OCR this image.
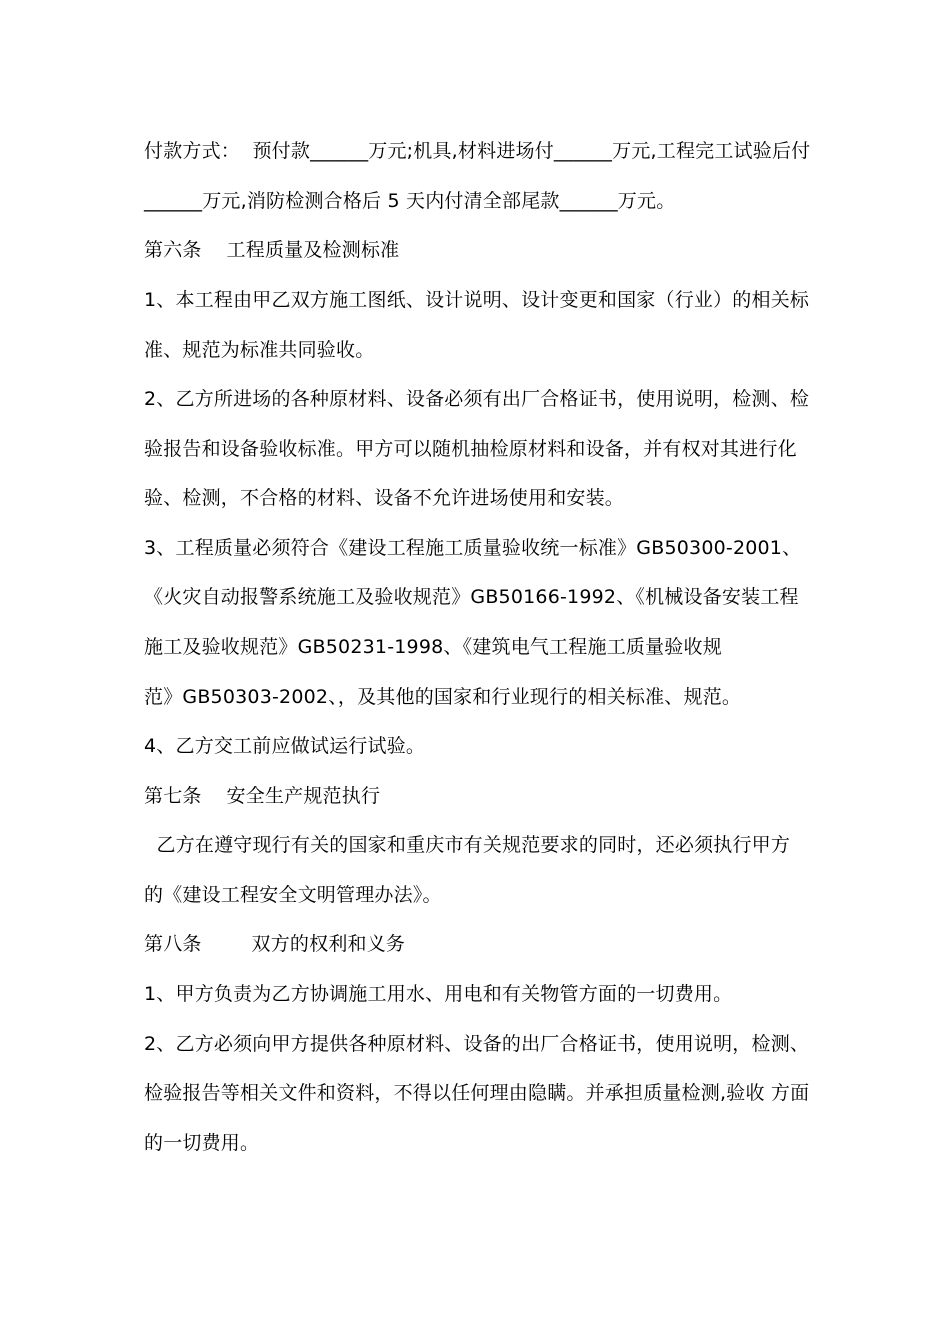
付款方式：  预付款______万元;机具,材料进场付______万元,工程完工试验后付
______万元,消防检测合格后 5 天内付清全部尾款______万元。
第六条    工程质量及检测标准
1、本工程由甲乙双方施工图纸、设计说明、设计变更和国家（行业）的相关标
准、规范为标准共同验收。
2、乙方所进场的各种原材料、设备必须有出厂合格证书，使用说明，检测、检
验报告和设备验收标准。甲方可以随机抽检原材料和设备，并有权对其进行化
验、检测，不合格的材料、设备不允许进场使用和安装。
3、工程质量必须符合《建设工程施工质量验收统一标准》GB50300-2001、
《火灾自动报警系统施工及验收规范》GB50166-1992、《机械设备安装工程
施工及验收规范》GB50231-1998、《建筑电气工程施工质量验收规
范》GB50303-2002、，及其他的国家和行业现行的相关标准、规范。
4、乙方交工前应做试运行试验。
第七条    安全生产规范执行
乙方在遵守现行有关的国家和重庆市有关规范要求的同时，还必须执行甲方
的《建设工程安全文明管理办法》。
第八条        双方的权利和义务
1、甲方负责为乙方协调施工用水、用电和有关物管方面的一切费用。
2、乙方必须向甲方提供各种原材料、设备的出厂合格证书，使用说明，检测、
检验报告等相关文件和资料，不得以任何理由隐瞒。并承担质量检测,验收 方面
的一切费用。
